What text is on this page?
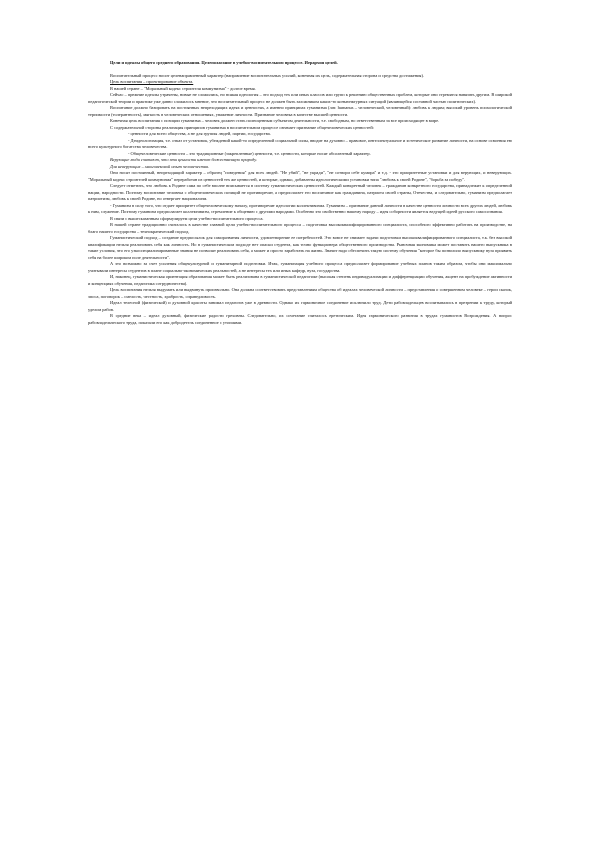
Цели и идеалы общего среднего образования. Целеполагание в учебно-воспитательном процессе. Иерархия целей.

Воспитательный процесс носит целенаправленный характер (направление воспитательных усилий, конечная их цель, содержательная сторона и средства достижения).

Цель воспитания – проектирование объекта.

В нашей стране – "Моральный кодекс строителя коммунизма" - долгое время.

Сейчас – прежние идеалы утрачены, новые не сложились, но всякая идеология – это подход тех или иных классов или групп к решению общественных проблем, которые они стремятся навязать другим. В широкой педагогической теории и практике уже давно сложилось мнение, что воспитательный процесс не должен быть заложником каких-то конъюнктурных ситуаций (являющейся составной частью политических).

Воспитание должно базировать на постоянных непреходящих идеях и ценностях, а именно принципах гуманизма (лат. humanus – человеческий, человечный): любовь к людям; высокий уровень психологической терпимости (толерантность), мягкость в человеческих отношениях, уважение личности. Признание человека в качестве высшей ценности.

Конечная цель воспитания с позиции гуманизма – человек должен стать полноценным субъектом деятельности, т.е. свободным, но ответственным за все происходящее в мире.

С содержательной стороны реализация принципов гуманизма в воспитательном процессе означает признание общечеловеческих ценностей:

- ценности для всего общества, а не для группы людей, партии, государства.

- Деидеологизация, т.е. отказ от установок, убеждений какой-то определенной социальной силы, вводит на духовно – правовое, интеллектуальное и эстетическое развитие личности, на основе освоения ею всего культурного богатства человечества.

- Общечеловеческие ценности – это традиционные (закрепленные) ценности, т.е. ценности, которые носят абсолютный характер.

Верующие люди считают, что эти ценности имеют божественную природу.

Для неверующих – многовековой опыт человечества.

Они носят постоянный, непреходящий характер – образец "поведения" для всех людей. "Не убий", "не укради", "не сотвори себе кумира" и т.д. - это приоритетные установки и для верующих, и неверующих. "Моральный кодекс строителей коммунизма" переработан из ценностей тех же ценностей, и которые, однако, добавлены идеологическими установки типа "любовь к своей Родине", "борьба за победу".

Следует отметить, что любовь к Родине сама по себе вполне вписывается в систему гуманистических ценностей. Каждый конкретный человек – гражданин конкретного государства, принадлежит к определенной нации, народности. Поэтому воспитание человека с общечеловеческих позиций не противоречит, а предполагает его воспитание как гражданина, патриота своей страны, Отечества, и следовательно, гуманизм предполагает патриотизм, любовь к своей Родине, но отвергает национализм.

- Гуманизм в силу того, что отдает приоритет общечеловеческому началу, противоречит идеологии коллективизма. Гуманизм – признание данной личности в качестве ценности личности всех других людей, любовь к ним, служение. Поэтому гуманизм предполагает коллективизм, стремление к общению с другими народами. Особенно это свойственно нашему народу – идея соборности является ведущей идеей русского самосознания.

В связи с вышесказанным сформулируем цели учебно-воспитательного процесса.

В нашей стране традиционно считалось в качестве главной цели учебно-воспитательного процесса – подготовка высококвалифицированного специалиста, способного эффективно работать на производстве, на благо нашего государства – технократический подход.

Гуманистический подход – создание предпосылок для саморазвития личности, удовлетворение ее потребностей. Это вовсе не снимает задачи подготовки высококвалифицированного специалиста, т.к. без высокой квалификации нельзя реализовать себя как личность. Но в гуманистическом подходе нет опаски студента, как точно функционера общественного производства. Рыночная экономика может поставить нашего выпускника в такие условия, что его узкоспециализированные знания не позволят реализовать себя, а может и просто заработать на жизнь. Значит надо обеспечить такую систему обучения "которое бы позволило выпускнику вуза проявить себя на более широком поле деятельности".

А это возможно за счет усиления общекультурной и гуманитарной подготовки. Итак, гуманизация учебного процесса предполагает формирование учебных планов таким образом, чтобы они максимально учитывали интересы студентов в плане социально-экономических реальностей, а не интересы тех или иных кафедр, вуза, государства.

И, наконец, гуманистическая ориентация образования может быть реализована в гуманистической педагогике (высокая степень индивидуализации и дифференциации обучения, акцент на пробуждение активности и концепциях обучения, педагогика сотрудничества).

Цель воспитания нельзя выдумать или выдвинуть произвольно. Она должна соответствовать представлениям общества об идеалах человеческой личности – представления о совершенном человеке – герои сказок, эпоса, поговорок – смелость, честность, храбрость, справедливость.

Идеал телесной (физической) и духовной красоты занимал педагогов уже в древности. Однако их гармоничное соединение исключило труд. Дети рабовладельцев воспитывались в презрении к труду, который уделом рабов.

В средние века – идеал духовный, физические радости греховны. Следовательно, их сочетание считалось еретическим. Идея гармонического развития в трудах гуманистов Возрождения. А вопрос рабовладельческого труда, показали его как добродетель соединенное с утопиями.
